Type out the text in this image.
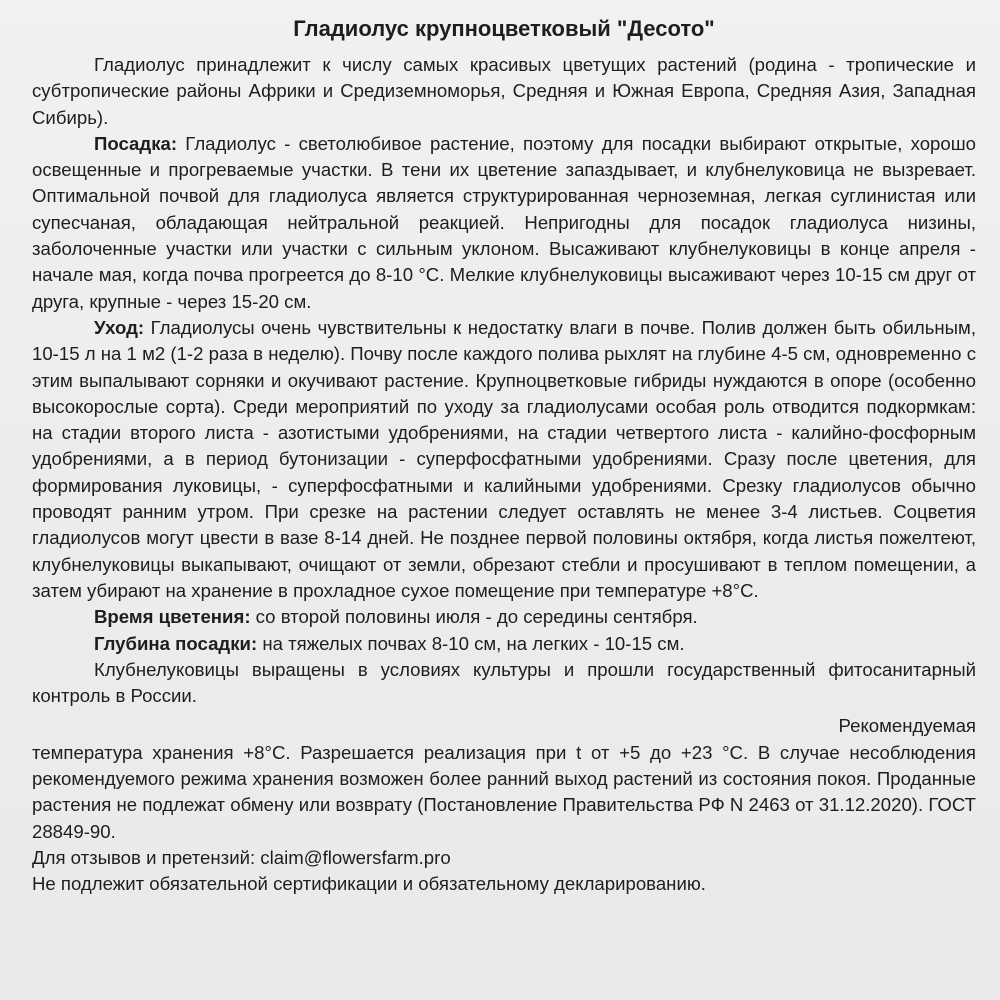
Гладиолус крупноцветковый "Десото"

Гладиолус принадлежит к числу самых красивых цветущих растений (родина - тропические и субтропические районы Африки и Средиземноморья, Средняя и Южная Европа, Средняя Азия, Западная Сибирь).

Посадка: Гладиолус - светолюбивое растение, поэтому для посадки выбирают открытые, хорошо освещенные и прогреваемые участки. В тени их цветение запаздывает, и клубнелуковица не вызревает. Оптимальной почвой для гладиолуса является структурированная черноземная, легкая суглинистая или супесчаная, обладающая нейтральной реакцией. Непригодны для посадок гладиолуса низины, заболоченные участки или участки с сильным уклоном. Высаживают клубнелуковицы в конце апреля - начале мая, когда почва прогреется до 8-10 °С. Мелкие клубнелуковицы высаживают через 10-15 см друг от друга, крупные - через 15-20 см.

Уход: Гладиолусы очень чувствительны к недостатку влаги в почве. Полив должен быть обильным, 10-15 л на 1 м2 (1-2 раза в неделю). Почву после каждого полива рыхлят на глубине 4-5 см, одновременно с этим выпалывают сорняки и окучивают растение. Крупноцветковые гибриды нуждаются в опоре (особенно высокорослые сорта). Среди мероприятий по уходу за гладиолусами особая роль отводится подкормкам: на стадии второго листа - азотистыми удобрениями, на стадии четвертого листа - калийно-фосфорным удобрениями, а в период бутонизации - суперфосфатными удобрениями. Сразу после цветения, для формирования луковицы, - суперфосфатными и калийными удобрениями. Срезку гладиолусов обычно проводят ранним утром. При срезке на растении следует оставлять не менее 3-4 листьев. Соцветия гладиолусов могут цвести в вазе 8-14 дней. Не позднее первой половины октября, когда листья пожелтеют, клубнелуковицы выкапывают, очищают от земли, обрезают стебли и просушивают в теплом помещении, а затем убирают на хранение в прохладное сухое помещение при температуре +8°С.

Время цветения: со второй половины июля - до середины сентября.

Глубина посадки: на тяжелых почвах 8-10 см, на легких - 10-15 см.

Клубнелуковицы выращены в условиях культуры и прошли государственный фитосанитарный контроль в России.

Рекомендуемая

температура хранения +8°С. Разрешается реализация при t от +5 до +23 °С. В случае несоблюдения рекомендуемого режима хранения возможен более ранний выход растений из состояния покоя. Проданные растения не подлежат обмену или возврату (Постановление Правительства РФ N 2463 от 31.12.2020). ГОСТ 28849-90.

Для отзывов и претензий: claim@flowersfarm.pro

Не подлежит обязательной сертификации и обязательному декларированию.
